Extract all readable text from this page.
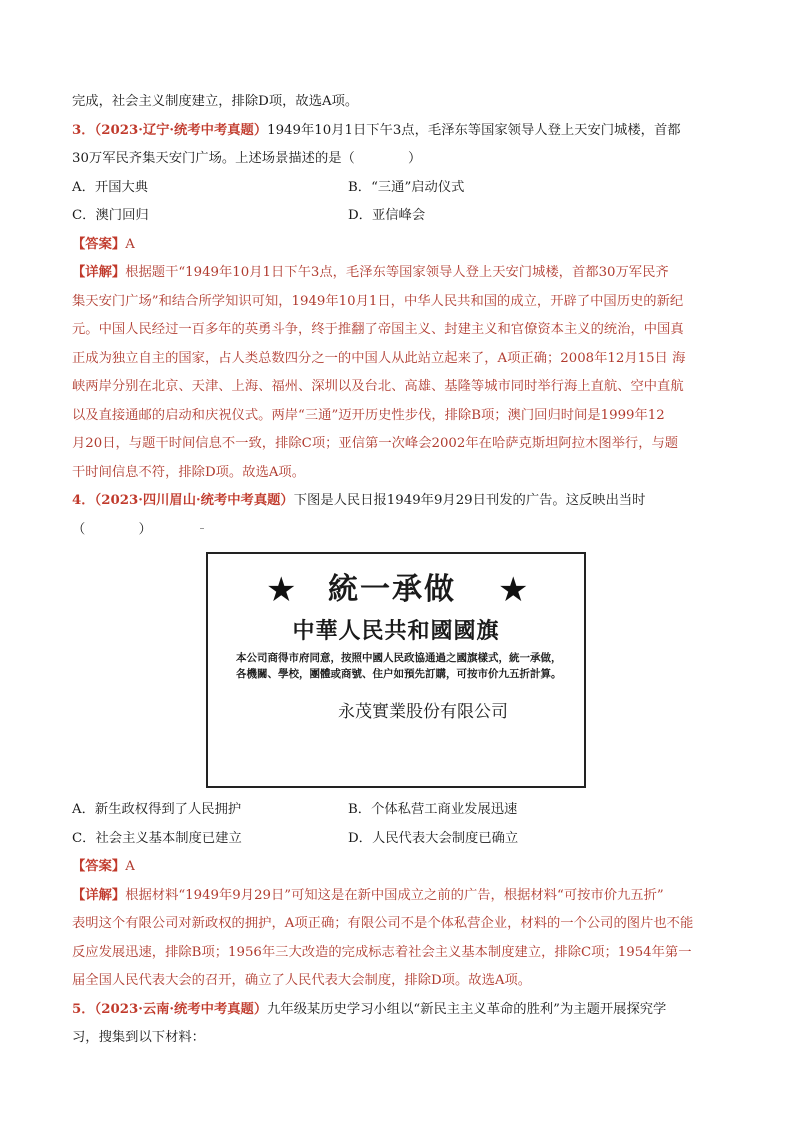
完成，社会主义制度建立，排除D项，故选A项。
3．（2023·辽宁·统考中考真题）1949年10月1日下午3点，毛泽东等国家领导人登上天安门城楼，首都
30万军民齐集天安门广场。上述场景描述的是（　　　　）
A．开国大典	B．“三通”启动仪式
C．澳门回归	D．亚信峰会
【答案】A
【详解】根据题干“1949年10月1日下午3点，毛泽东等国家领导人登上天安门城楼，首都30万军民齐
集天安门广场”和结合所学知识可知，1949年10月1日，中华人民共和国的成立，开辟了中国历史的新纪
元。中国人民经过一百多年的英勇斗争，终于推翻了帝国主义、封建主义和官僚资本主义的统治，中国真
正成为独立自主的国家，占人类总数四分之一的中国人从此站立起来了，A项正确；2008年12月15日 海
峡两岸分别在北京、天津、上海、福州、深圳以及台北、高雄、基隆等城市同时举行海上直航、空中直航
以及直接通邮的启动和庆祝仪式。两岸“三通”迈开历史性步伐，排除B项；澳门回归时间是1999年12
月20日，与题干时间信息不一致，排除C项；亚信第一次峰会2002年在哈萨克斯坦阿拉木图举行，与题
干时间信息不符，排除D项。故选A项。
4．（2023·四川眉山·统考中考真题）下图是人民日报1949年9月29日刊发的广告。这反映出当时
（　　　　）
★ 統一承做 ★
中華人民共和國國旗
本公司商得市府同意，按照中國人民政協通過之國旗樣式，統一承做，各機關、學校，團體或商號、住户如預先訂購，可按市价九五折計算。
永茂實業股份有限公司
A．新生政权得到了人民拥护	B．个体私营工商业发展迅速
C．社会主义基本制度已建立	D．人民代表大会制度已确立
【答案】A
【详解】根据材料“1949年9月29日”可知这是在新中国成立之前的广告，根据材料“可按市价九五折”
表明这个有限公司对新政权的拥护，A项正确；有限公司不是个体私营企业，材料的一个公司的图片也不能
反应发展迅速，排除B项；1956年三大改造的完成标志着社会主义基本制度建立，排除C项；1954年第一
届全国人民代表大会的召开，确立了人民代表大会制度，排除D项。故选A项。
5．（2023·云南·统考中考真题）九年级某历史学习小组以“新民主主义革命的胜利”为主题开展探究学
习，搜集到以下材料：
